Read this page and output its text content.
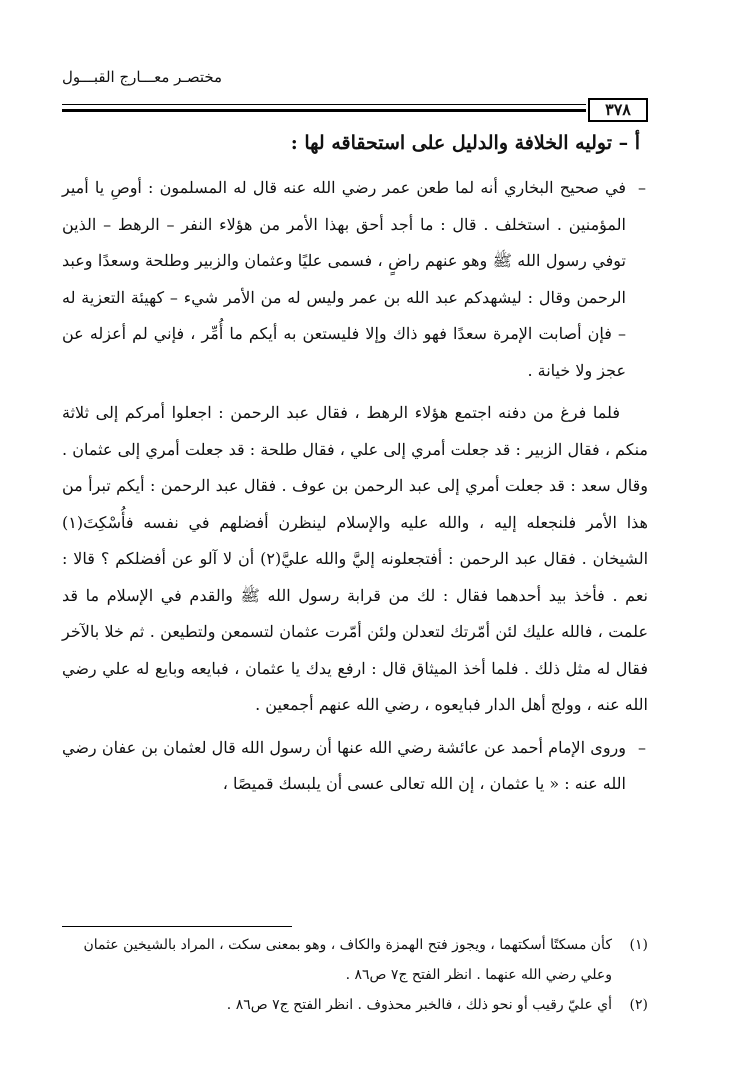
مختصـر معـــارج القبـــول
٣٧٨
أ – توليه الخلافة والدليل على استحقاقه لها :

–
في صحيح البخاري أنه لما طعن عمر رضي الله عنه قال له المسلمون : أوصِ يا أمير المؤمنين . استخلف . قال : ما أجد أحق بهذا الأمر من هؤلاء النفر – الرهط – الذين توفي رسول الله ﷺ وهو عنهم راضٍ ، فسمى عليًا وعثمان والزبير وطلحة وسعدًا وعبد الرحمن وقال : ليشهدكم عبد الله بن عمر وليس له من الأمر شيء – كهيئة التعزية له – فإن أصابت الإمرة سعدًا فهو ذاك وإلا فليستعن به أيكم ما أُمِّر ، فإني لم أعزله عن عجز ولا خيانة .

فلما فرغ من دفنه اجتمع هؤلاء الرهط ، فقال عبد الرحمن : اجعلوا أمركم إلى ثلاثة منكم ، فقال الزبير : قد جعلت أمري إلى علي ، فقال طلحة : قد جعلت أمري إلى عثمان . وقال سعد : قد جعلت أمري إلى عبد الرحمن بن عوف . فقال عبد الرحمن : أيكم تبرأ من هذا الأمر فلنجعله إليه ، والله عليه والإسلام لينظرن أفضلهم في نفسه فأُسْكِتَ(١) الشيخان . فقال عبد الرحمن : أفتجعلونه إليَّ والله عليَّ(٢) أن لا آلو عن أفضلكم ؟ قالا : نعم . فأخذ بيد أحدهما فقال : لك من قرابة رسول الله ﷺ والقدم في الإسلام ما قد علمت ، فالله عليك لئن أمّرتك لتعدلن ولئن أمّرت عثمان لتسمعن ولتطيعن . ثم خلا بالآخر فقال له مثل ذلك . فلما أخذ الميثاق قال : ارفع يدك يا عثمان ، فبايعه وبايع له علي رضي الله عنه ، وولج أهل الدار فبايعوه ، رضي الله عنهم أجمعين .

–
وروى الإمام أحمد عن عائشة رضي الله عنها أن رسول الله قال لعثمان بن عفان رضي الله عنه : « يا عثمان ، إن الله تعالى عسى أن يلبسك قميصًا ،

(١)
كأن مسكتًا أسكتهما ، ويجوز فتح الهمزة والكاف ، وهو بمعنى سكت ، المراد بالشيخين عثمان وعلي رضي الله عنهما . انظر الفتح ج٧ ص٨٦ .
(٢)
أي عليّ رقيب أو نحو ذلك ، فالخبر محذوف . انظر الفتح ج٧ ص٨٦ .
